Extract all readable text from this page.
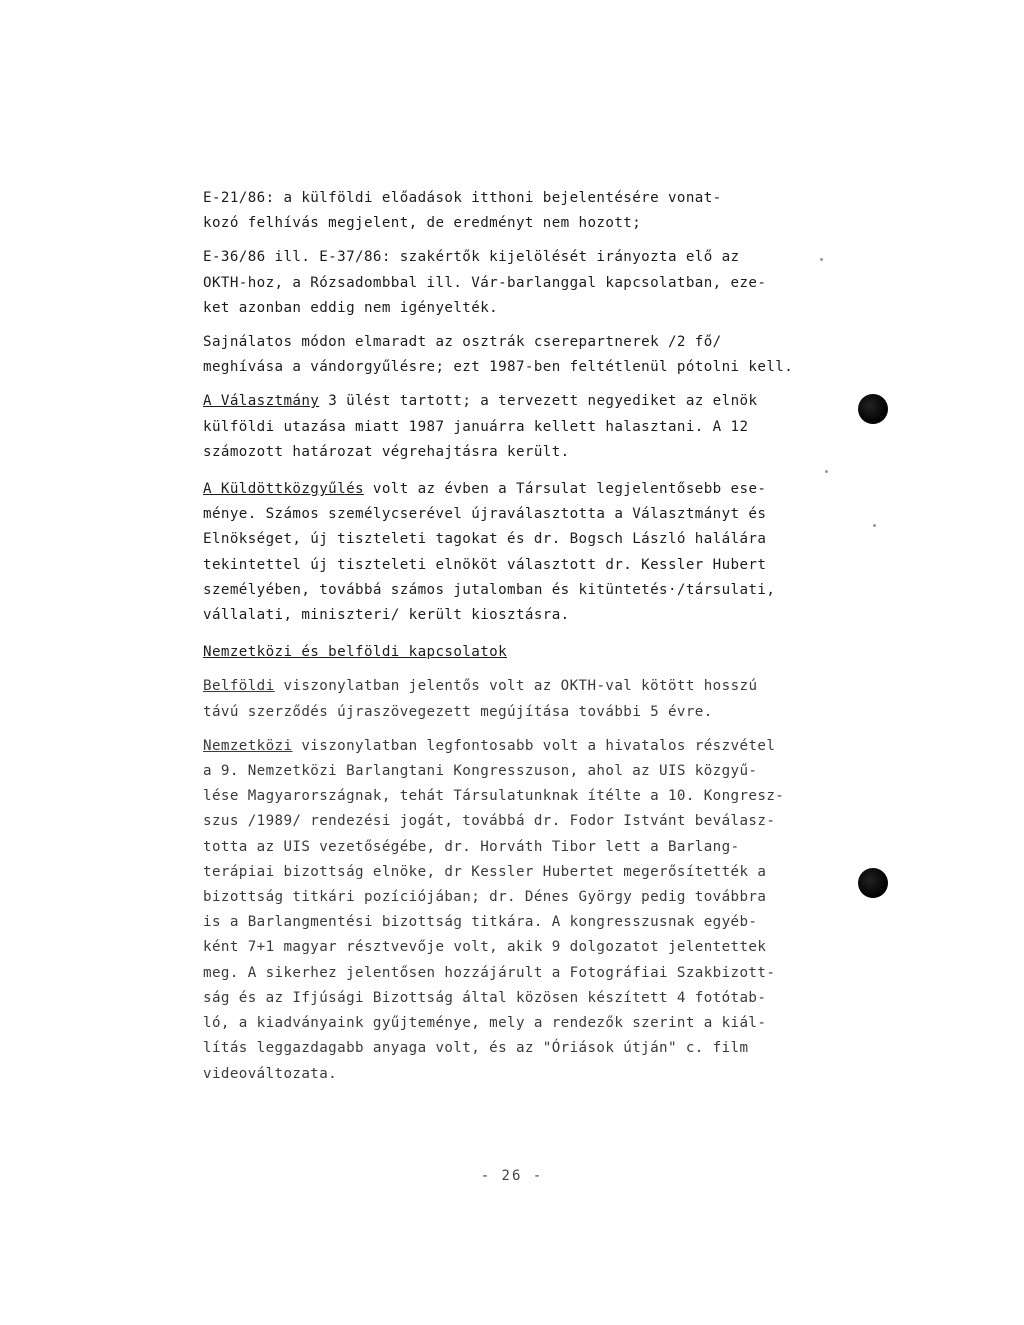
E-21/86: a külföldi előadások itthoni bejelentésére vonat-
kozó felhívás megjelent, de eredményt nem hozott;

E-36/86 ill. E-37/86: szakértők kijelölését irányozta elő az
OKTH-hoz, a Rózsadombbal ill. Vár-barlanggal kapcsolatban, eze-
ket azonban eddig nem igényelték.

Sajnálatos módon elmaradt az osztrák cserepartnerek /2 fő/
meghívása a vándorgyűlésre; ezt 1987-ben feltétlenül pótolni kell.

A Választmány 3 ülést tartott; a tervezett negyediket az elnök
külföldi utazása miatt 1987 januárra kellett halasztani. A 12
számozott határozat végrehajtásra került.

A Küldöttközgyűlés volt az évben a Társulat legjelentősebb ese-
ménye. Számos személycserével újraválasztotta a Választmányt és
Elnökséget, új tiszteleti tagokat és dr. Bogsch László halálára
tekintettel új tiszteleti elnököt választott dr. Kessler Hubert
személyében, továbbá számos jutalomban és kitüntetés·/társulati,
vállalati, miniszteri/ került kiosztásra.

Nemzetközi és belföldi kapcsolatok

Belföldi viszonylatban jelentős volt az OKTH-val kötött hosszú
távú szerződés újraszövegezett megújítása további 5 évre.

Nemzetközi viszonylatban legfontosabb volt a hivatalos részvétel
a 9. Nemzetközi Barlangtani Kongresszuson, ahol az UIS közgyű-
lése Magyarországnak, tehát Társulatunknak ítélte a 10. Kongresz-
szus /1989/ rendezési jogát, továbbá dr. Fodor Istvánt beválasz-
totta az UIS vezetőségébe, dr. Horváth Tibor lett a Barlang-
terápiai bizottság elnöke, dr Kessler Hubertet megerősítették a
bizottság titkári pozíciójában; dr. Dénes György pedig továbbra
is a Barlangmentési bizottság titkára. A kongresszusnak egyéb-
ként 7+1 magyar résztvevője volt, akik 9 dolgozatot jelentettek
meg. A sikerhez jelentősen hozzájárult a Fotográfiai Szakbizott-
ság és az Ifjúsági Bizottság által közösen készített 4 fotótab-
ló, a kiadványaink gyűjteménye, mely a rendezők szerint a kiál-
lítás leggazdagabb anyaga volt, és az "Óriások útján" c. film
videováltozata.

- 26 -
